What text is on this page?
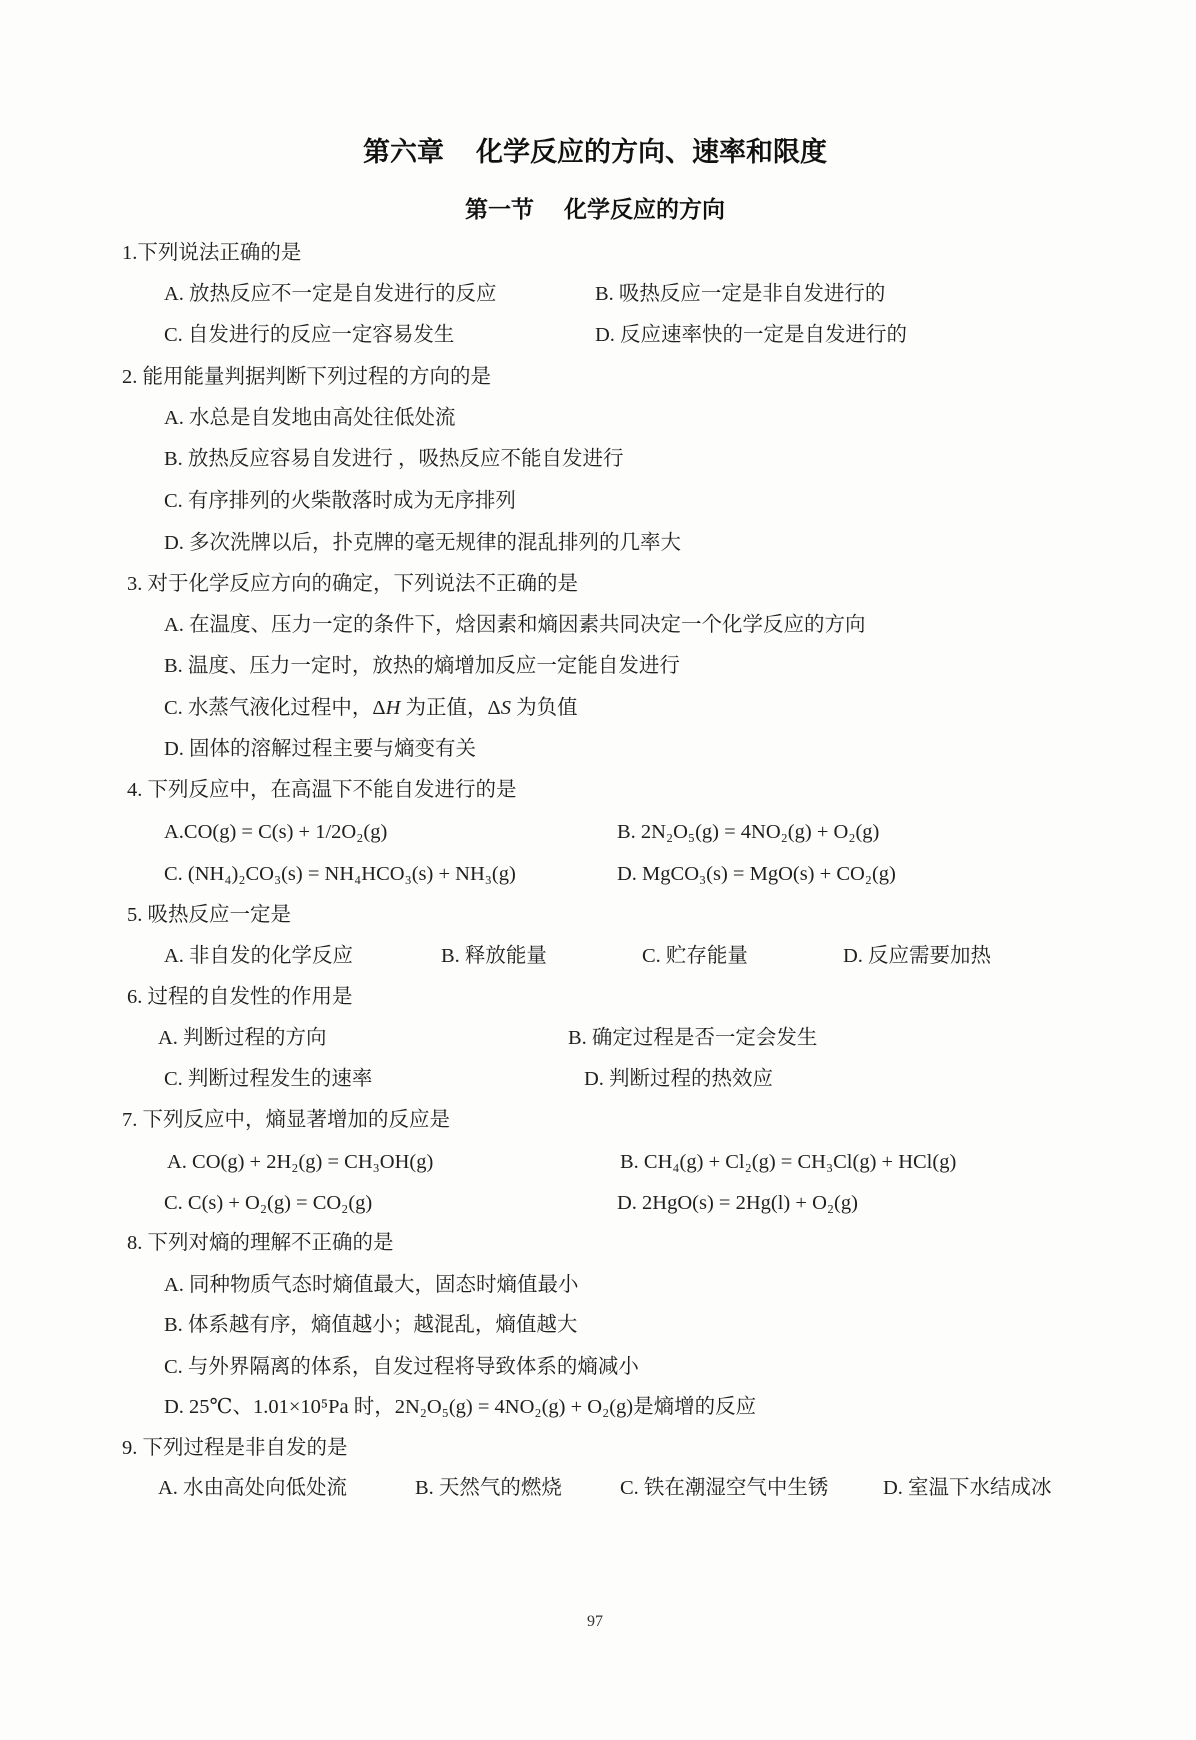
第六章 化学反应的方向、速率和限度
第一节 化学反应的方向
1.下列说法正确的是
A. 放热反应不一定是自发进行的反应	B. 吸热反应一定是非自发进行的
C. 自发进行的反应一定容易发生	D. 反应速率快的一定是自发进行的
2. 能用能量判据判断下列过程的方向的是
A. 水总是自发地由高处往低处流
B. 放热反应容易自发进行 ，吸热反应不能自发进行
C. 有序排列的火柴散落时成为无序排列
D. 多次洗牌以后，扑克牌的毫无规律的混乱排列的几率大
3. 对于化学反应方向的确定，下列说法不正确的是
A. 在温度、压力一定的条件下，焓因素和熵因素共同决定一个化学反应的方向
B. 温度、压力一定时，放热的熵增加反应一定能自发进行
C. 水蒸气液化过程中，ΔH 为正值，ΔS 为负值
D. 固体的溶解过程主要与熵变有关
4. 下列反应中，在高温下不能自发进行的是
A.CO(g) = C(s) + 1/2O₂(g)	B. 2N₂O₅(g) = 4NO₂(g) + O₂(g)
C. (NH₄)₂CO₃(s) = NH₄HCO₃(s) + NH₃(g)	D. MgCO₃(s) = MgO(s) + CO₂(g)
5. 吸热反应一定是
A. 非自发的化学反应	B. 释放能量	C. 贮存能量	D. 反应需要加热
6. 过程的自发性的作用是
A. 判断过程的方向	B. 确定过程是否一定会发生
C. 判断过程发生的速率	D. 判断过程的热效应
7. 下列反应中，熵显著增加的反应是
A. CO(g) + 2H₂(g) = CH₃OH(g)	B. CH₄(g) + Cl₂(g) = CH₃Cl(g) + HCl(g)
C. C(s) + O₂(g) = CO₂(g)	D. 2HgO(s) = 2Hg(l) + O₂(g)
8. 下列对熵的理解不正确的是
A. 同种物质气态时熵值最大，固态时熵值最小
B. 体系越有序，熵值越小；越混乱，熵值越大
C. 与外界隔离的体系，自发过程将导致体系的熵减小
D. 25℃、1.01×10⁵Pa 时，2N₂O₅(g) = 4NO₂(g) + O₂(g)是熵增的反应
9. 下列过程是非自发的是
A. 水由高处向低处流	B. 天然气的燃烧	C. 铁在潮湿空气中生锈	D. 室温下水结成冰
97
